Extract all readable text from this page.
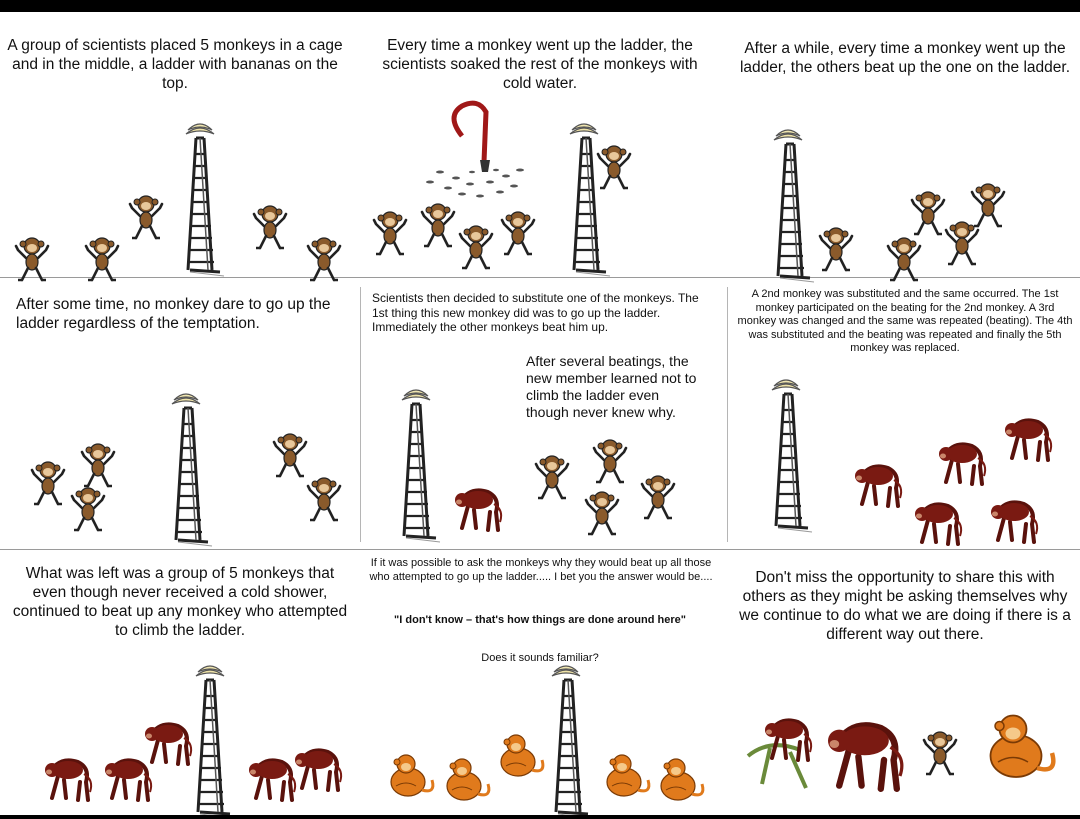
A group of scientists placed 5 monkeys in a cage and in the middle, a ladder with bananas on the top.

Every time a monkey went up the ladder, the scientists soaked the rest of the monkeys with cold water.

After a while, every time a monkey went up the ladder, the others beat up the one on the ladder.

After some time, no monkey dare to go up the ladder regardless of the temptation.

Scientists then decided to substitute one of the monkeys. The 1st thing this new monkey did was to go up the ladder. Immediately the other monkeys beat him up.

After several beatings, the new member learned not to climb the ladder even though never knew why.

A 2nd monkey was substituted and the same occurred. The 1st monkey participated on the beating for the 2nd monkey. A 3rd monkey was changed and the same was repeated (beating). The 4th was substituted and the beating was repeated and finally the 5th monkey was replaced.

What was left was a group of 5 monkeys that even though never received a cold shower, continued to beat up any monkey who attempted to climb the ladder.

If it was possible to ask the monkeys why they would beat up all those who attempted to go up the ladder..... I bet you the answer would be....

"I don't know – that's how things are done around here"

Does it sounds familiar?

Don't miss the opportunity to share this with others as they might be asking themselves why we continue to do what we are doing if there is a different way out there.
